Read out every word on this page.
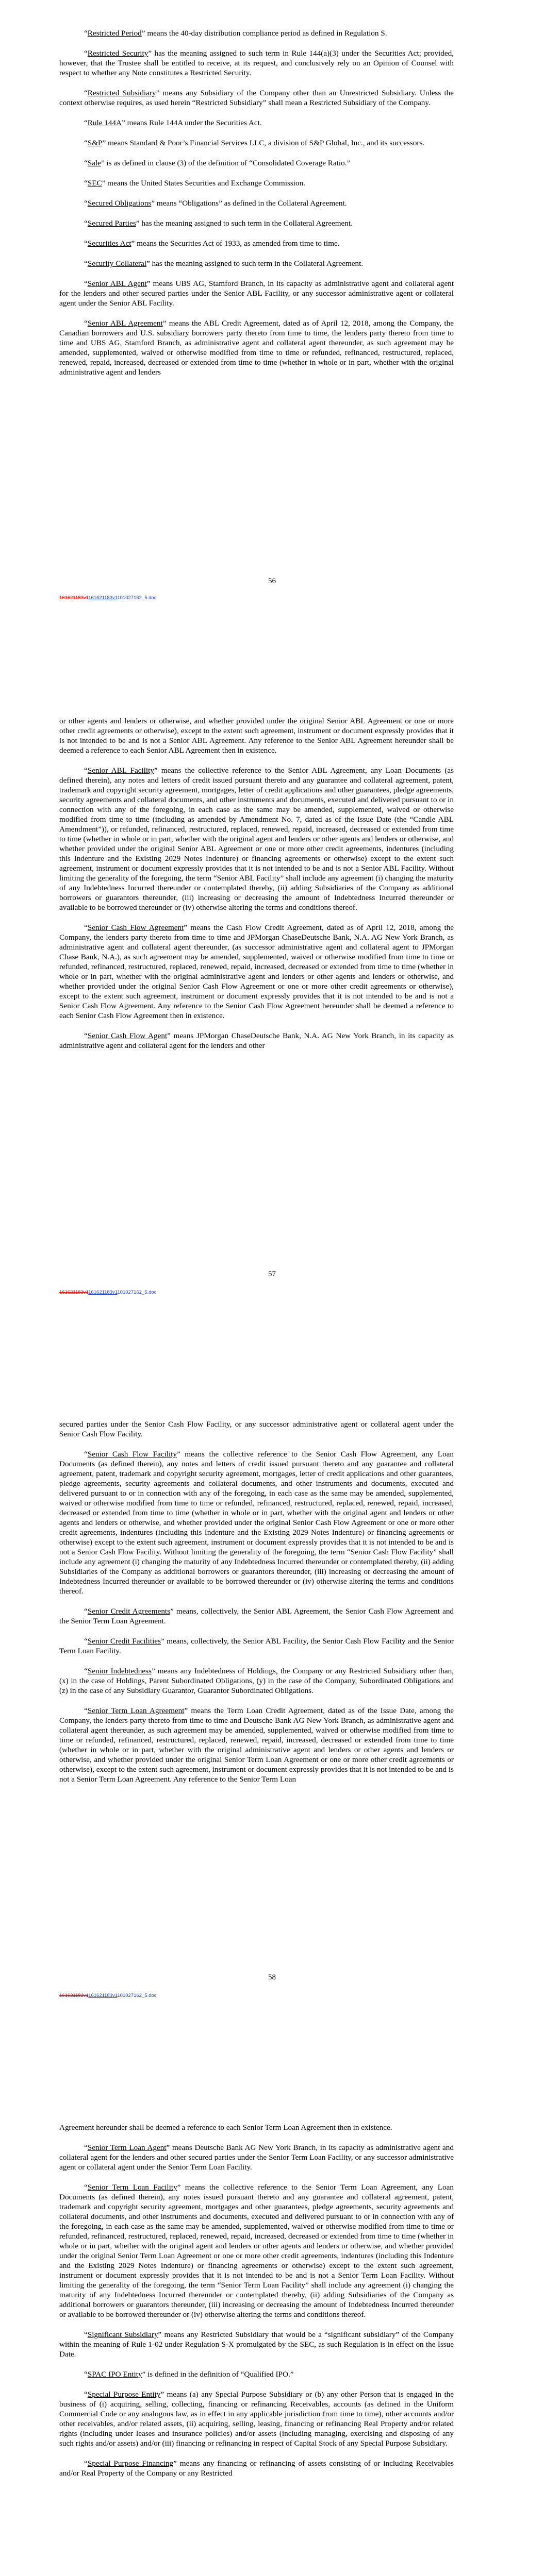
“Restricted Period” means the 40-day distribution compliance period as defined in Regulation S.

“Restricted Security” has the meaning assigned to such term in Rule 144(a)(3) under the Securities Act; provided, however, that the Trustee shall be entitled to receive, at its request, and conclusively rely on an Opinion of Counsel with respect to whether any Note constitutes a Restricted Security.

“Restricted Subsidiary” means any Subsidiary of the Company other than an Unrestricted Subsidiary. Unless the context otherwise requires, as used herein “Restricted Subsidiary” shall mean a Restricted Subsidiary of the Company.

“Rule 144A” means Rule 144A under the Securities Act.

“S&P” means Standard & Poor’s Financial Services LLC, a division of S&P Global, Inc., and its successors.

“Sale” is as defined in clause (3) of the definition of “Consolidated Coverage Ratio.”

“SEC” means the United States Securities and Exchange Commission.

“Secured Obligations” means “Obligations” as defined in the Collateral Agreement.

“Secured Parties” has the meaning assigned to such term in the Collateral Agreement.

“Securities Act” means the Securities Act of 1933, as amended from time to time.

“Security Collateral” has the meaning assigned to such term in the Collateral Agreement.

“Senior ABL Agent” means UBS AG, Stamford Branch, in its capacity as administrative agent and collateral agent for the lenders and other secured parties under the Senior ABL Facility, or any successor administrative agent or collateral agent under the Senior ABL Facility.

“Senior ABL Agreement” means the ABL Credit Agreement, dated as of April 12, 2018, among the Company, the Canadian borrowers and U.S. subsidiary borrowers party thereto from time to time, the lenders party thereto from time to time and UBS AG, Stamford Branch, as administrative agent and collateral agent thereunder, as such agreement may be amended, supplemented, waived or otherwise modified from time to time or refunded, refinanced, restructured, replaced, renewed, repaid, increased, decreased or extended from time to time (whether in whole or in part, whether with the original administrative agent and lenders

56
161621183v1161621183v1101027162_5.doc

or other agents and lenders or otherwise, and whether provided under the original Senior ABL Agreement or one or more other credit agreements or otherwise), except to the extent such agreement, instrument or document expressly provides that it is not intended to be and is not a Senior ABL Agreement. Any reference to the Senior ABL Agreement hereunder shall be deemed a reference to each Senior ABL Agreement then in existence.

“Senior ABL Facility” means the collective reference to the Senior ABL Agreement, any Loan Documents (as defined therein), any notes and letters of credit issued pursuant thereto and any guarantee and collateral agreement, patent, trademark and copyright security agreement, mortgages, letter of credit applications and other guarantees, pledge agreements, security agreements and collateral documents, and other instruments and documents, executed and delivered pursuant to or in connection with any of the foregoing, in each case as the same may be amended, supplemented, waived or otherwise modified from time to time (including as amended by Amendment No. 7, dated as of the Issue Date (the “Candle ABL Amendment”)), or refunded, refinanced, restructured, replaced, renewed, repaid, increased, decreased or extended from time to time (whether in whole or in part, whether with the original agent and lenders or other agents and lenders or otherwise, and whether provided under the original Senior ABL Agreement or one or more other credit agreements, indentures (including this Indenture and the Existing 2029 Notes Indenture) or financing agreements or otherwise) except to the extent such agreement, instrument or document expressly provides that it is not intended to be and is not a Senior ABL Facility. Without limiting the generality of the foregoing, the term “Senior ABL Facility” shall include any agreement (i) changing the maturity of any Indebtedness Incurred thereunder or contemplated thereby, (ii) adding Subsidiaries of the Company as additional borrowers or guarantors thereunder, (iii) increasing or decreasing the amount of Indebtedness Incurred thereunder or available to be borrowed thereunder or (iv) otherwise altering the terms and conditions thereof.

“Senior Cash Flow Agreement” means the Cash Flow Credit Agreement, dated as of April 12, 2018, among the Company, the lenders party thereto from time to time and JPMorgan ChaseDeutsche Bank, N.A. AG New York Branch, as administrative agent and collateral agent thereunder, (as successor administrative agent and collateral agent to JPMorgan Chase Bank, N.A.), as such agreement may be amended, supplemented, waived or otherwise modified from time to time or refunded, refinanced, restructured, replaced, renewed, repaid, increased, decreased or extended from time to time (whether in whole or in part, whether with the original administrative agent and lenders or other agents and lenders or otherwise, and whether provided under the original Senior Cash Flow Agreement or one or more other credit agreements or otherwise), except to the extent such agreement, instrument or document expressly provides that it is not intended to be and is not a Senior Cash Flow Agreement. Any reference to the Senior Cash Flow Agreement hereunder shall be deemed a reference to each Senior Cash Flow Agreement then in existence.

“Senior Cash Flow Agent” means JPMorgan ChaseDeutsche Bank, N.A. AG New York Branch, in its capacity as administrative agent and collateral agent for the lenders and other

57
161621183v1161621183v1101027162_5.doc

secured parties under the Senior Cash Flow Facility, or any successor administrative agent or collateral agent under the Senior Cash Flow Facility.

“Senior Cash Flow Facility” means the collective reference to the Senior Cash Flow Agreement, any Loan Documents (as defined therein), any notes and letters of credit issued pursuant thereto and any guarantee and collateral agreement, patent, trademark and copyright security agreement, mortgages, letter of credit applications and other guarantees, pledge agreements, security agreements and collateral documents, and other instruments and documents, executed and delivered pursuant to or in connection with any of the foregoing, in each case as the same may be amended, supplemented, waived or otherwise modified from time to time or refunded, refinanced, restructured, replaced, renewed, repaid, increased, decreased or extended from time to time (whether in whole or in part, whether with the original agent and lenders or other agents and lenders or otherwise, and whether provided under the original Senior Cash Flow Agreement or one or more other credit agreements, indentures (including this Indenture and the Existing 2029 Notes Indenture) or financing agreements or otherwise) except to the extent such agreement, instrument or document expressly provides that it is not intended to be and is not a Senior Cash Flow Facility. Without limiting the generality of the foregoing, the term “Senior Cash Flow Facility” shall include any agreement (i) changing the maturity of any Indebtedness Incurred thereunder or contemplated thereby, (ii) adding Subsidiaries of the Company as additional borrowers or guarantors thereunder, (iii) increasing or decreasing the amount of Indebtedness Incurred thereunder or available to be borrowed thereunder or (iv) otherwise altering the terms and conditions thereof.

“Senior Credit Agreements” means, collectively, the Senior ABL Agreement, the Senior Cash Flow Agreement and the Senior Term Loan Agreement.

“Senior Credit Facilities” means, collectively, the Senior ABL Facility, the Senior Cash Flow Facility and the Senior Term Loan Facility.

“Senior Indebtedness” means any Indebtedness of Holdings, the Company or any Restricted Subsidiary other than, (x) in the case of Holdings, Parent Subordinated Obligations, (y) in the case of the Company, Subordinated Obligations and (z) in the case of any Subsidiary Guarantor, Guarantor Subordinated Obligations.

“Senior Term Loan Agreement” means the Term Loan Credit Agreement, dated as of the Issue Date, among the Company, the lenders party thereto from time to time and Deutsche Bank AG New York Branch, as administrative agent and collateral agent thereunder, as such agreement may be amended, supplemented, waived or otherwise modified from time to time or refunded, refinanced, restructured, replaced, renewed, repaid, increased, decreased or extended from time to time (whether in whole or in part, whether with the original administrative agent and lenders or other agents and lenders or otherwise, and whether provided under the original Senior Term Loan Agreement or one or more other credit agreements or otherwise), except to the extent such agreement, instrument or document expressly provides that it is not intended to be and is not a Senior Term Loan Agreement. Any reference to the Senior Term Loan

58
161621183v1161621183v1101027162_5.doc

Agreement hereunder shall be deemed a reference to each Senior Term Loan Agreement then in existence.

“Senior Term Loan Agent” means Deutsche Bank AG New York Branch, in its capacity as administrative agent and collateral agent for the lenders and other secured parties under the Senior Term Loan Facility, or any successor administrative agent or collateral agent under the Senior Term Loan Facility.

“Senior Term Loan Facility” means the collective reference to the Senior Term Loan Agreement, any Loan Documents (as defined therein), any notes issued pursuant thereto and any guarantee and collateral agreement, patent, trademark and copyright security agreement, mortgages and other guarantees, pledge agreements, security agreements and collateral documents, and other instruments and documents, executed and delivered pursuant to or in connection with any of the foregoing, in each case as the same may be amended, supplemented, waived or otherwise modified from time to time or refunded, refinanced, restructured, replaced, renewed, repaid, increased, decreased or extended from time to time (whether in whole or in part, whether with the original agent and lenders or other agents and lenders or otherwise, and whether provided under the original Senior Term Loan Agreement or one or more other credit agreements, indentures (including this Indenture and the Existing 2029 Notes Indenture) or financing agreements or otherwise) except to the extent such agreement, instrument or document expressly provides that it is not intended to be and is not a Senior Term Loan Facility. Without limiting the generality of the foregoing, the term “Senior Term Loan Facility” shall include any agreement (i) changing the maturity of any Indebtedness Incurred thereunder or contemplated thereby, (ii) adding Subsidiaries of the Company as additional borrowers or guarantors thereunder, (iii) increasing or decreasing the amount of Indebtedness Incurred thereunder or available to be borrowed thereunder or (iv) otherwise altering the terms and conditions thereof.

“Significant Subsidiary” means any Restricted Subsidiary that would be a “significant subsidiary” of the Company within the meaning of Rule 1-02 under Regulation S-X promulgated by the SEC, as such Regulation is in effect on the Issue Date.

“SPAC IPO Entity” is defined in the definition of “Qualified IPO.”

“Special Purpose Entity” means (a) any Special Purpose Subsidiary or (b) any other Person that is engaged in the business of (i) acquiring, selling, collecting, financing or refinancing Receivables, accounts (as defined in the Uniform Commercial Code or any analogous law, as in effect in any applicable jurisdiction from time to time), other accounts and/or other receivables, and/or related assets, (ii) acquiring, selling, leasing, financing or refinancing Real Property and/or related rights (including under leases and insurance policies) and/or assets (including managing, exercising and disposing of any such rights and/or assets) and/or (iii) financing or refinancing in respect of Capital Stock of any Special Purpose Subsidiary.

“Special Purpose Financing” means any financing or refinancing of assets consisting of or including Receivables and/or Real Property of the Company or any Restricted
